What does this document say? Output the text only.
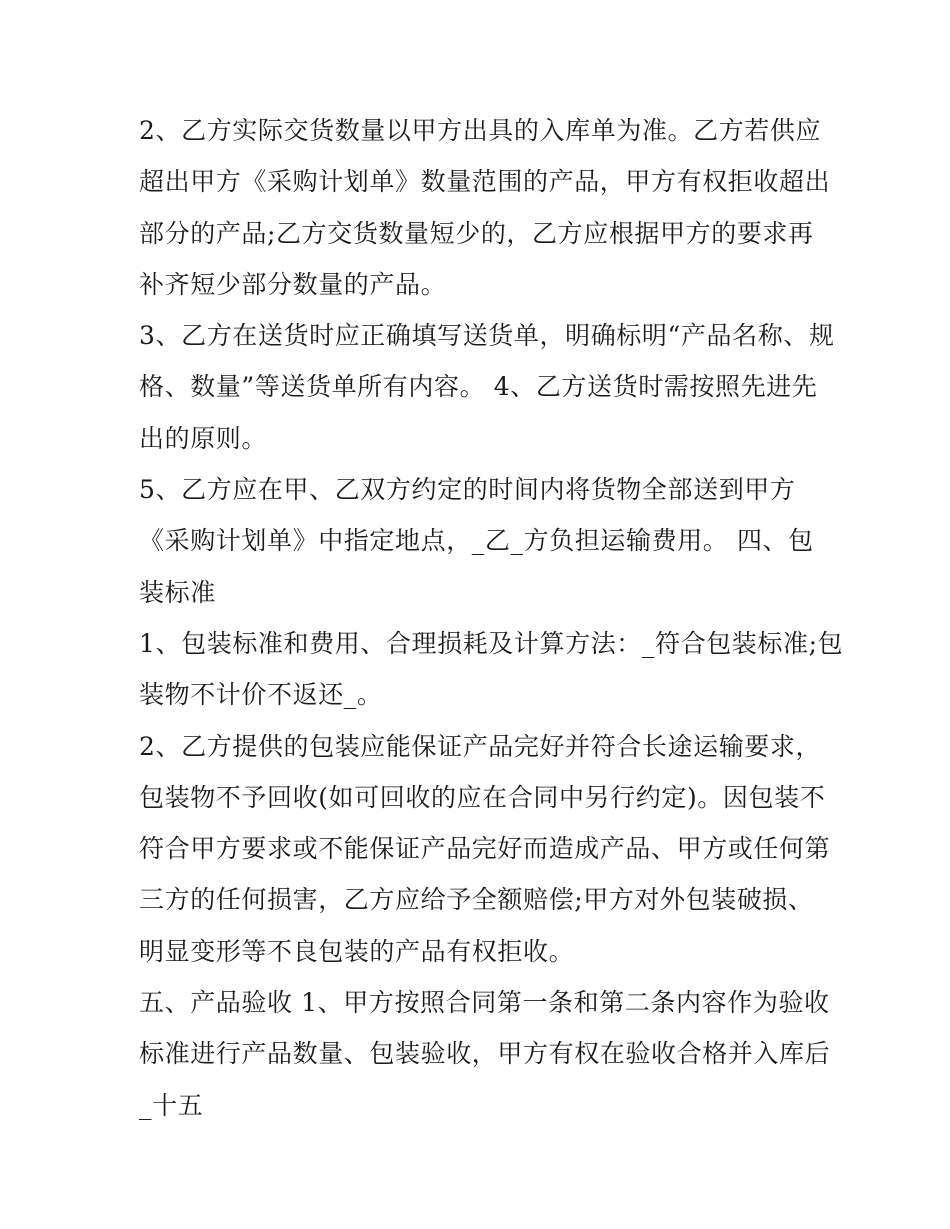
2、乙方实际交货数量以甲方出具的入库单为准。乙方若供应
超出甲方《采购计划单》数量范围的产品，甲方有权拒收超出
部分的产品;乙方交货数量短少的，乙方应根据甲方的要求再
补齐短少部分数量的产品。
3、乙方在送货时应正确填写送货单，明确标明“产品名称、规
格、数量”等送货单所有内容。 4、乙方送货时需按照先进先
出的原则。
5、乙方应在甲、乙双方约定的时间内将货物全部送到甲方
《采购计划单》中指定地点，_乙_方负担运输费用。 四、包
装标准
1、包装标准和费用、合理损耗及计算方法：_符合包装标准;包
装物不计价不返还_。
2、乙方提供的包装应能保证产品完好并符合长途运输要求，
包装物不予回收(如可回收的应在合同中另行约定)。因包装不
符合甲方要求或不能保证产品完好而造成产品、甲方或任何第
三方的任何损害，乙方应给予全额赔偿;甲方对外包装破损、
明显变形等不良包装的产品有权拒收。
五、产品验收 1、甲方按照合同第一条和第二条内容作为验收
标准进行产品数量、包装验收，甲方有权在验收合格并入库后
_十五
